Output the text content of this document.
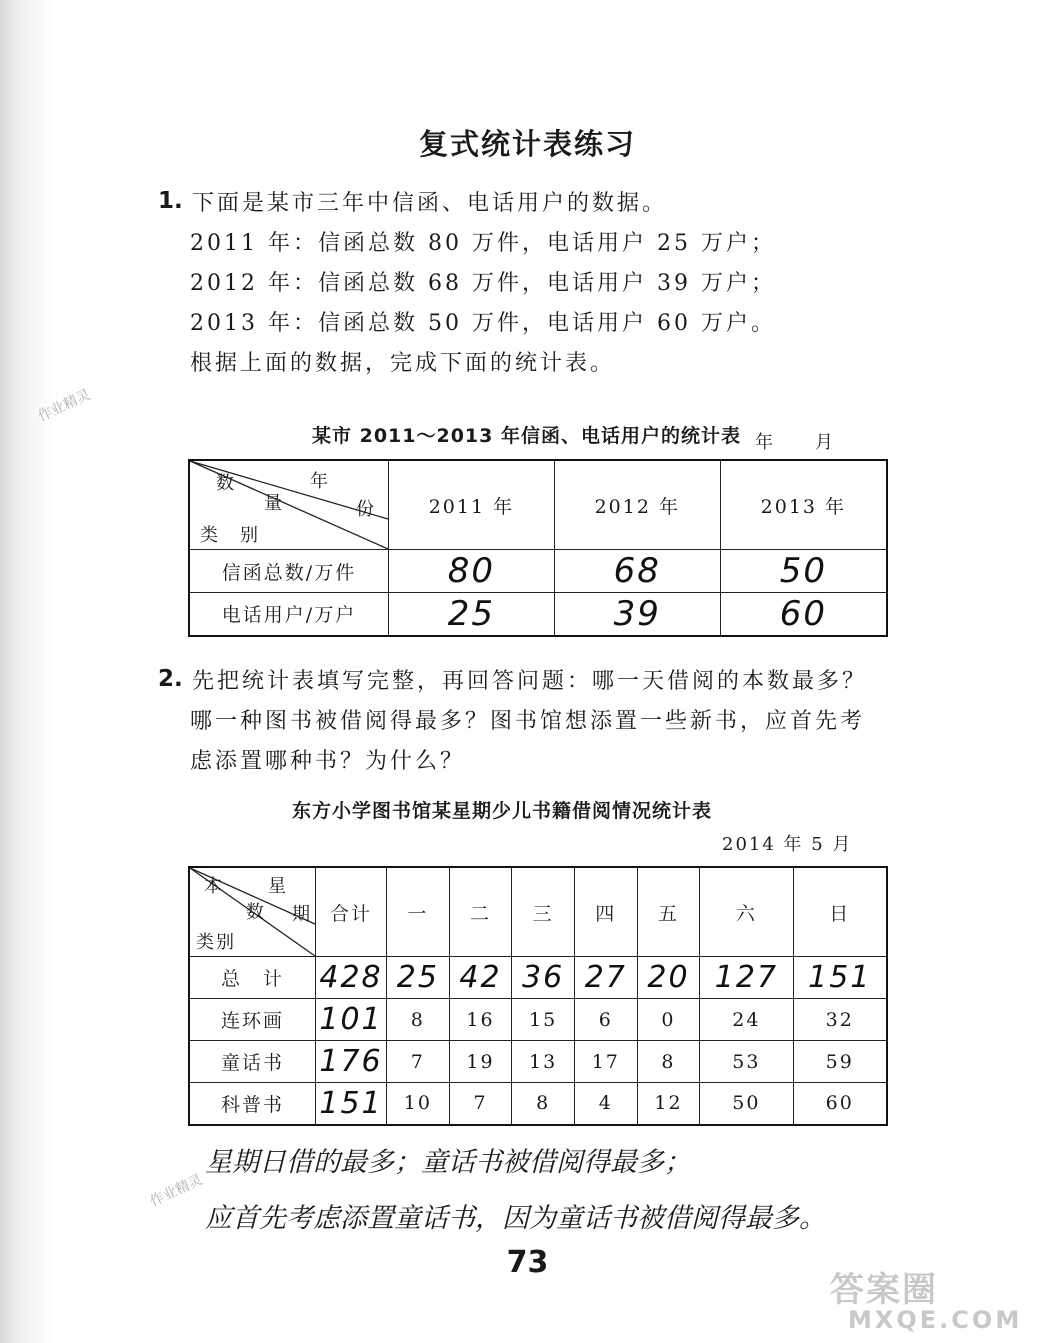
复式统计表练习
1. 下面是某市三年中信函、电话用户的数据。
2011 年：信函总数 80 万件，电话用户 25 万户；
2012 年：信函总数 68 万件，电话用户 39 万户；
2013 年：信函总数 50 万件，电话用户 60 万户。
根据上面的数据，完成下面的统计表。
某市 2011～2013 年信函、电话用户的统计表 年　　月
年
份
数
量
类　别	2011 年	2012 年	2013 年
信函总数/万件	80	68	50
电话用户/万户	25	39	60
2. 先把统计表填写完整，再回答问题：哪一天借阅的本数最多？
哪一种图书被借阅得最多？图书馆想添置一些新书，应首先考
虑添置哪种书？为什么？
东方小学图书馆某星期少儿书籍借阅情况统计表
2014 年 5 月
本 星
数 期
类别	合计	一	二	三	四	五	六	日
总　计	428	25	42	36	27	20	127	151
连环画	101	8	16	15	6	0	24	32
童话书	176	7	19	13	17	8	53	59
科普书	151	10	7	8	4	12	50	60
星期日借的最多；童话书被借阅得最多；
应首先考虑添置童话书，因为童话书被借阅得最多。
73
作业精灵
作业精灵
答案圈
MXQE.COM
